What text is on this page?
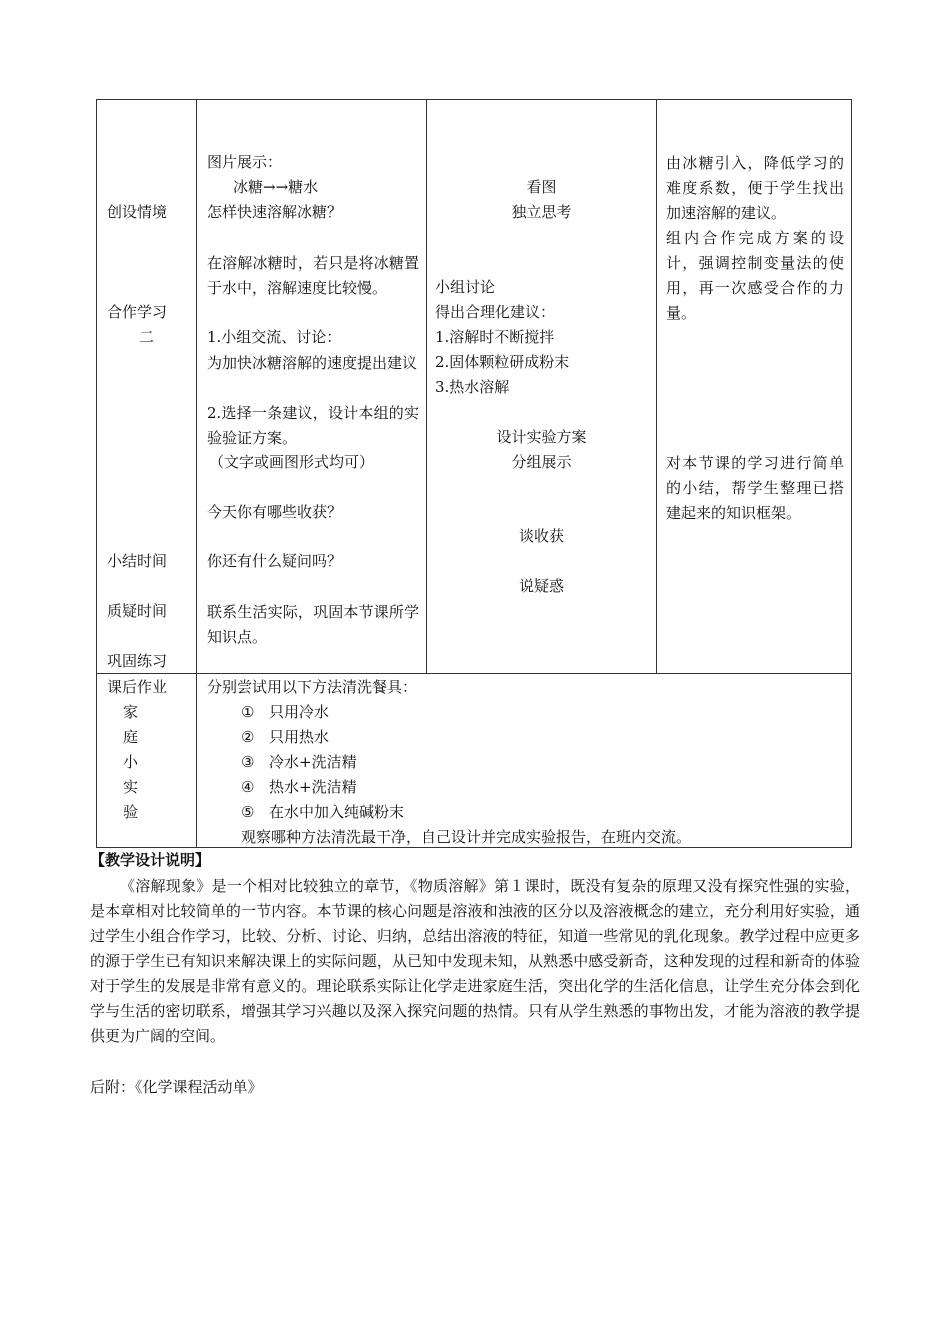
创设情境
合作学习
二
小结时间
质疑时间
巩固练习
图片展示：
冰糖→→糖水
怎样快速溶解冰糖？
在溶解冰糖时，若只是将冰糖置于水中，溶解速度比较慢。
1.小组交流、讨论：
为加快冰糖溶解的速度提出建议
2.选择一条建议，设计本组的实验验证方案。
（文字或画图形式均可）
今天你有哪些收获？
你还有什么疑问吗？
联系生活实际，巩固本节课所学知识点。
看图
独立思考
小组讨论
得出合理化建议：
1.溶解时不断搅拌
2.固体颗粒研成粉末
3.热水溶解
设计实验方案
分组展示
谈收获
说疑惑
由冰糖引入，降低学习的难度系数，便于学生找出加速溶解的建议。
组内合作完成方案的设计，强调控制变量法的使用，再一次感受合作的力量。
对本节课的学习进行简单的小结，帮学生整理已搭建起来的知识框架。
课后作业
家
庭
小
实
验
分别尝试用以下方法清洗餐具：
① 只用冷水
② 只用热水
③ 冷水+洗洁精
④ 热水+洗洁精
⑤ 在水中加入纯碱粉末
观察哪种方法清洗最干净，自己设计并完成实验报告，在班内交流。
【教学设计说明】
《溶解现象》是一个相对比较独立的章节，《物质溶解》第１课时，既没有复杂的原理又没有探究性强的实验，是本章相对比较简单的一节内容。本节课的核心问题是溶液和浊液的区分以及溶液概念的建立，充分利用好实验，通过学生小组合作学习，比较、分析、讨论、归纳，总结出溶液的特征，知道一些常见的乳化现象。教学过程中应更多的源于学生已有知识来解决课上的实际问题，从已知中发现未知，从熟悉中感受新奇，这种发现的过程和新奇的体验对于学生的发展是非常有意义的。理论联系实际让化学走进家庭生活，突出化学的生活化信息，让学生充分体会到化学与生活的密切联系，增强其学习兴趣以及深入探究问题的热情。只有从学生熟悉的事物出发，才能为溶液的教学提供更为广阔的空间。
后附：《化学课程活动单》
